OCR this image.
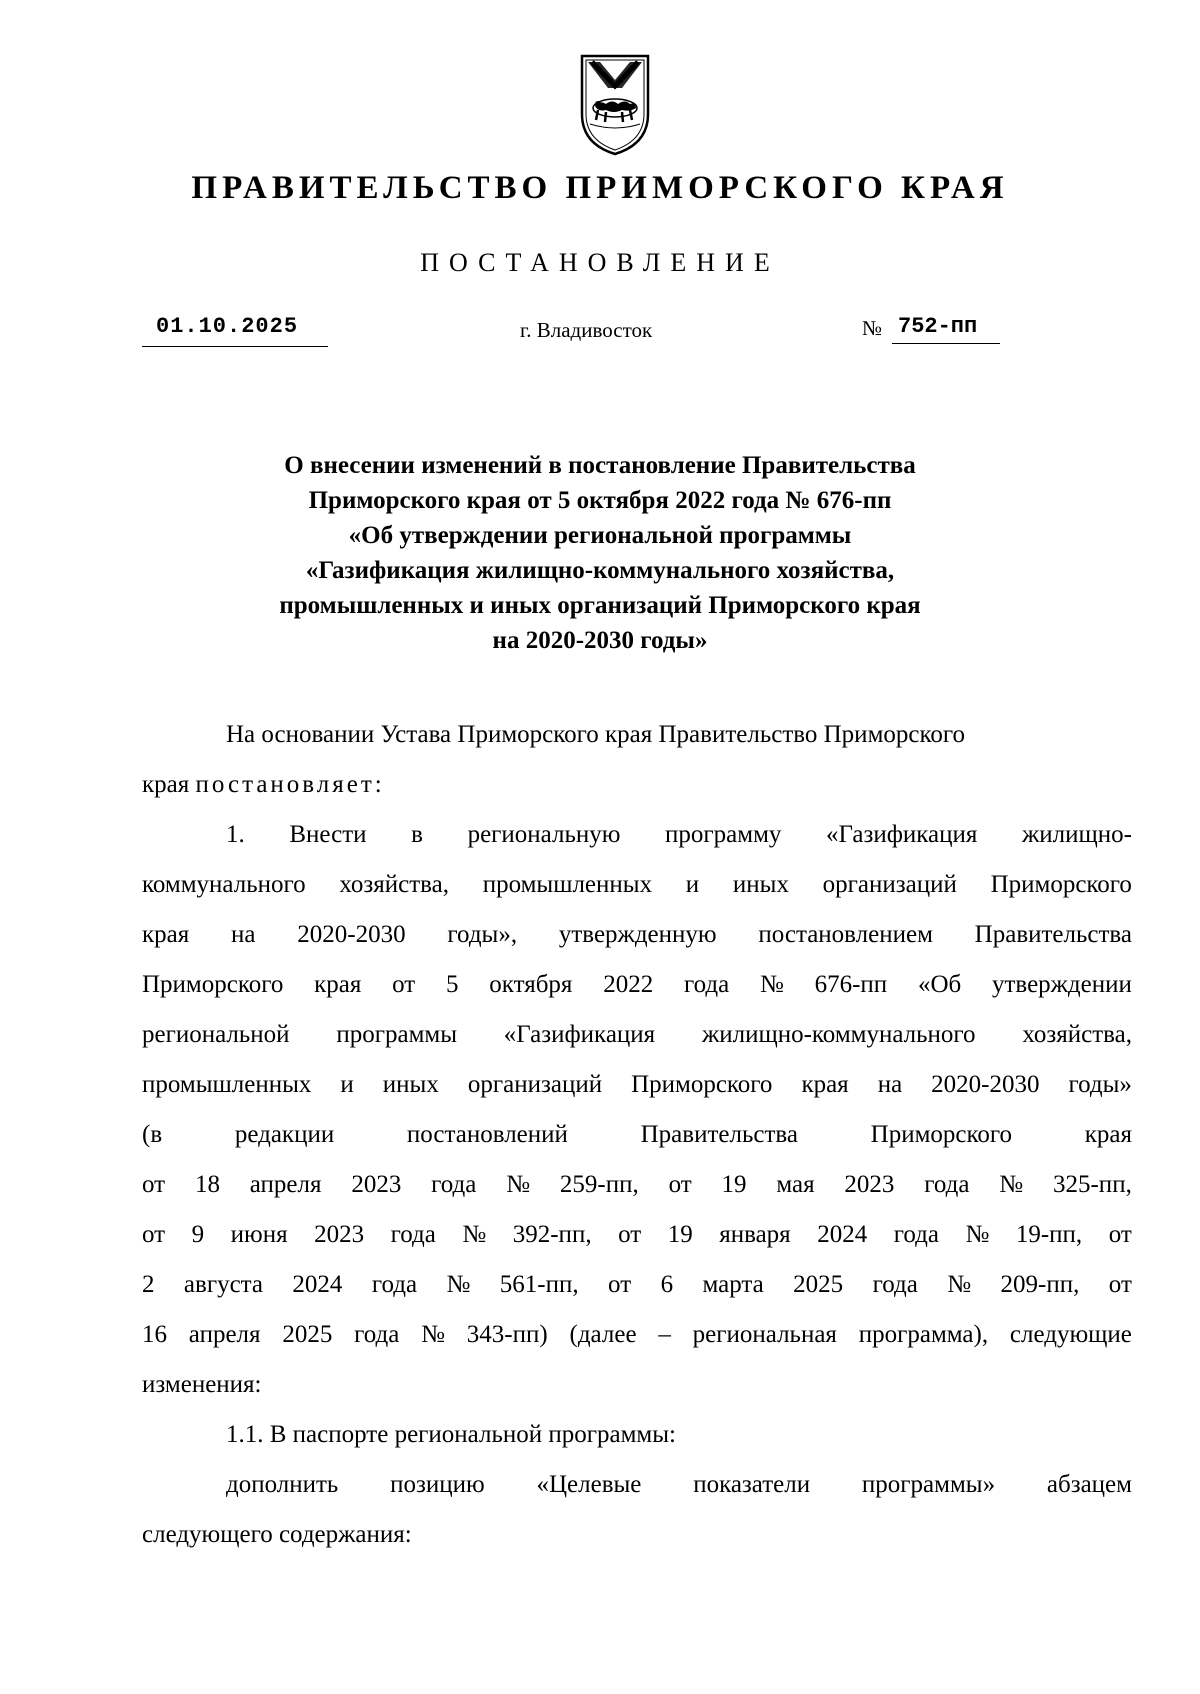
ПРАВИТЕЛЬСТВО ПРИМОРСКОГО КРАЯ
ПОСТАНОВЛЕНИЕ
01.10.2025	г. Владивосток	№ 752-пп
О внесении изменений в постановление Правительства
Приморского края от 5 октября 2022 года № 676-пп
«Об утверждении региональной программы
«Газификация жилищно-коммунального хозяйства,
промышленных и иных организаций Приморского края
на 2020-2030 годы»
На основании Устава Приморского края Правительство Приморского
края постановляет:
1. Внести в региональную программу «Газификация жилищно-
коммунального хозяйства, промышленных и иных организаций Приморского
края на 2020-2030 годы», утвержденную постановлением Правительства
Приморского края от 5 октября 2022 года № 676-пп «Об утверждении
региональной программы «Газификация жилищно-коммунального хозяйства,
промышленных и иных организаций Приморского края на 2020-2030 годы»
(в	редакции	постановлений	Правительства	Приморского	края
от 18 апреля 2023 года № 259-пп, от 19 мая 2023 года № 325-пп,
от 9 июня 2023 года № 392-пп, от 19 января 2024 года № 19-пп, от
2 августа 2024 года № 561-пп, от 6 марта 2025 года № 209-пп, от
16 апреля 2025 года № 343-пп) (далее – региональная программа), следующие
изменения:
1.1. В паспорте региональной программы:
дополнить позицию «Целевые показатели программы» абзацем
следующего содержания:
